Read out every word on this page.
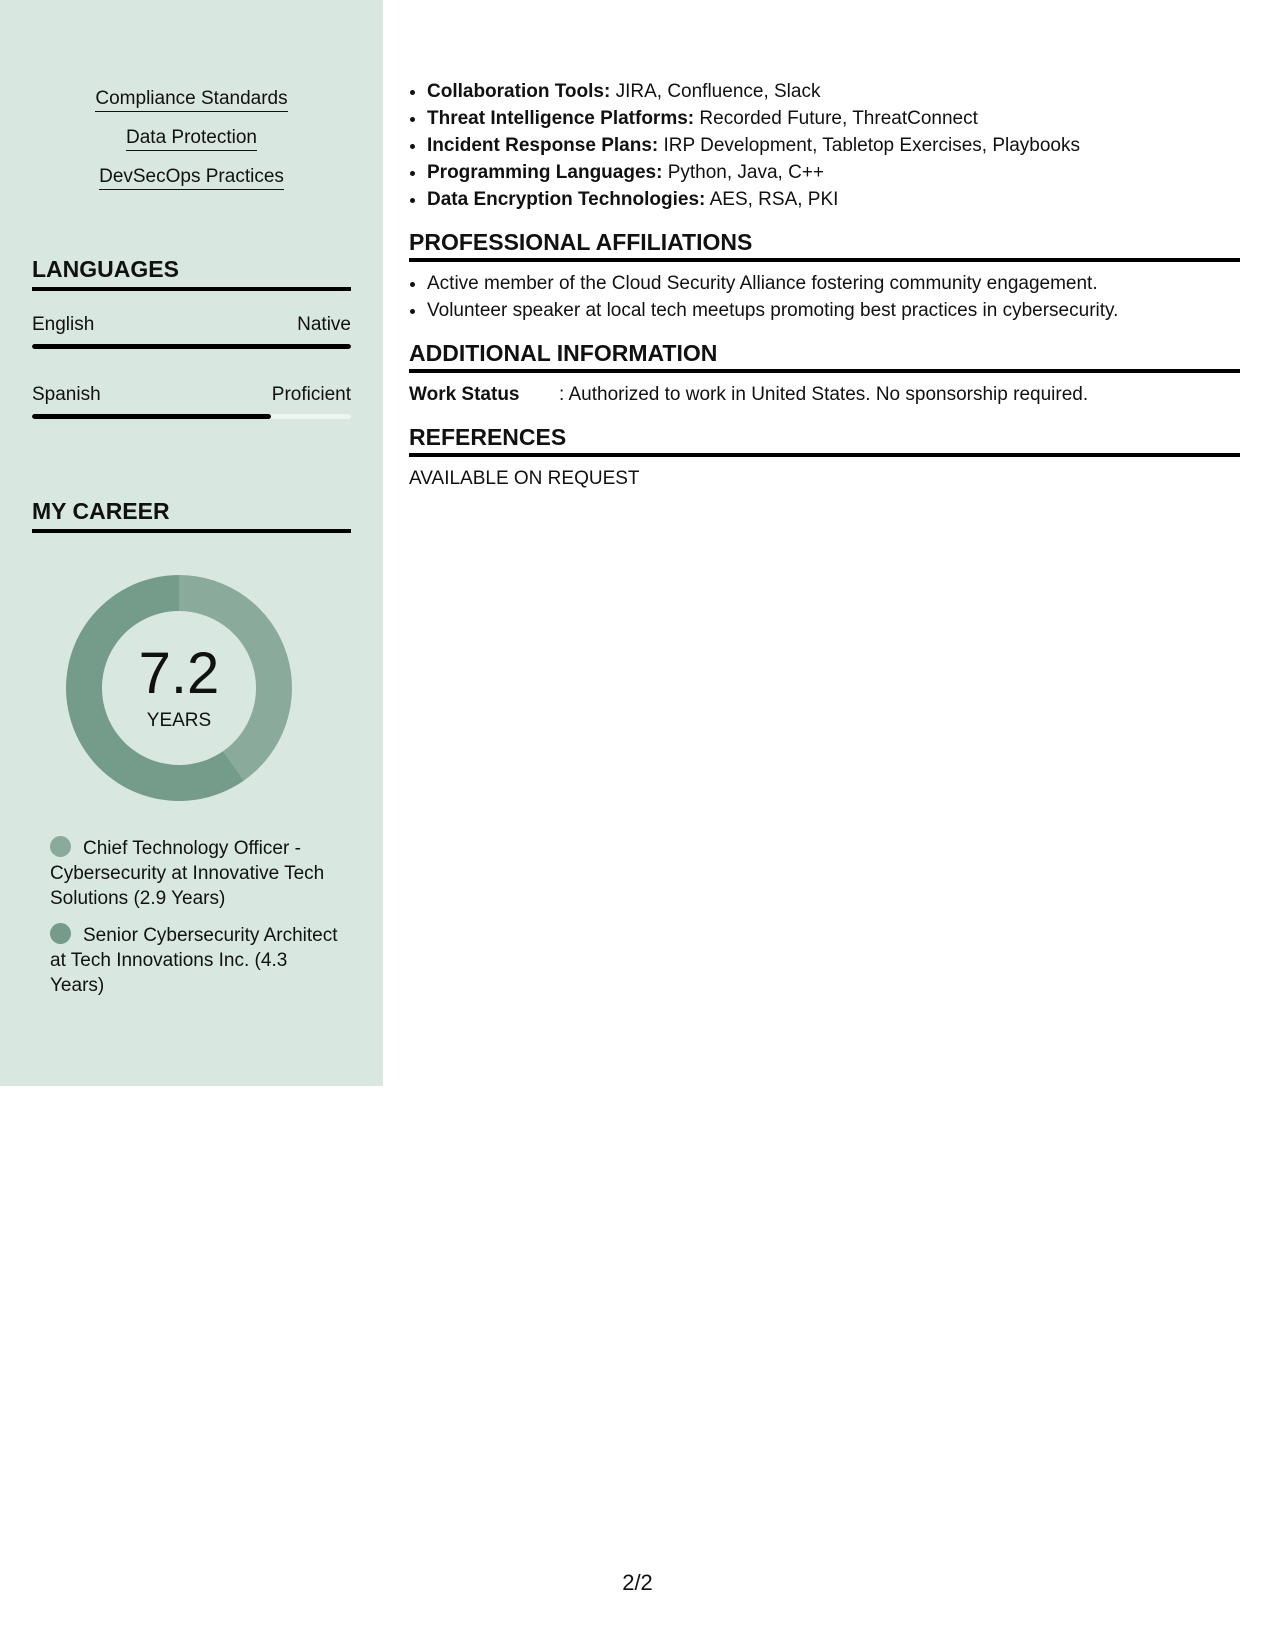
Compliance Standards
Data Protection
DevSecOps Practices
LANGUAGES
English	Native
Spanish	Proficient
MY CAREER
7.2
YEARS
Chief Technology Officer - Cybersecurity at Innovative Tech Solutions (2.9 Years)
Senior Cybersecurity Architect at Tech Innovations Inc. (4.3 Years)
• Collaboration Tools: JIRA, Confluence, Slack
• Threat Intelligence Platforms: Recorded Future, ThreatConnect
• Incident Response Plans: IRP Development, Tabletop Exercises, Playbooks
• Programming Languages: Python, Java, C++
• Data Encryption Technologies: AES, RSA, PKI
PROFESSIONAL AFFILIATIONS
• Active member of the Cloud Security Alliance fostering community engagement.
• Volunteer speaker at local tech meetups promoting best practices in cybersecurity.
ADDITIONAL INFORMATION
Work Status : Authorized to work in United States. No sponsorship required.
REFERENCES
AVAILABLE ON REQUEST
2/2
